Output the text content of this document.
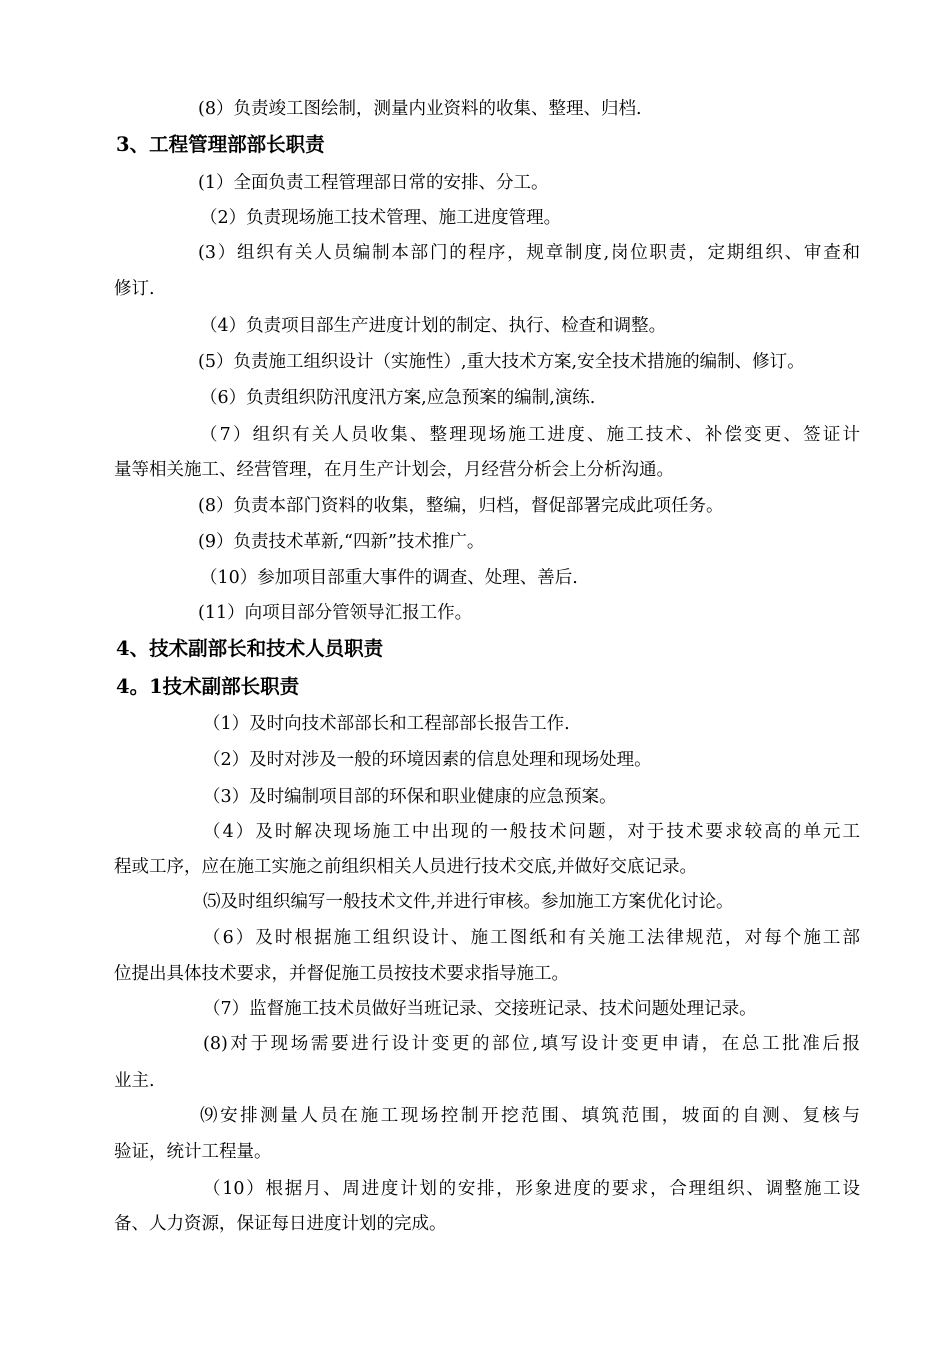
(8）负责竣工图绘制，测量内业资料的收集、整理、归档.
3、工程管理部部长职责
(1）全面负责工程管理部日常的安排、分工。
（2）负责现场施工技术管理、施工进度管理。
(3）组织有关人员编制本部门的程序，规章制度,岗位职责，定期组织、审查和
修订.
（4）负责项目部生产进度计划的制定、执行、检查和调整。
(5）负责施工组织设计（实施性）,重大技术方案,安全技术措施的编制、修订。
（6）负责组织防汛度汛方案,应急预案的编制,演练.
（7）组织有关人员收集、整理现场施工进度、施工技术、补偿变更、签证计
量等相关施工、经营管理，在月生产计划会，月经营分析会上分析沟通。
(8）负责本部门资料的收集，整编，归档，督促部署完成此项任务。
(9）负责技术革新,“四新”技术推广。
（10）参加项目部重大事件的调查、处理、善后.
(11）向项目部分管领导汇报工作。
4、技术副部长和技术人员职责
4。1技术副部长职责
（1）及时向技术部部长和工程部部长报告工作.
（2）及时对涉及一般的环境因素的信息处理和现场处理。
（3）及时编制项目部的环保和职业健康的应急预案。
（4）及时解决现场施工中出现的一般技术问题，对于技术要求较高的单元工
程或工序，应在施工实施之前组织相关人员进行技术交底,并做好交底记录。
⑸及时组织编写一般技术文件,并进行审核。参加施工方案优化讨论。
（6）及时根据施工组织设计、施工图纸和有关施工法律规范，对每个施工部
位提出具体技术要求，并督促施工员按技术要求指导施工。
（7）监督施工技术员做好当班记录、交接班记录、技术问题处理记录。
(8)对于现场需要进行设计变更的部位,填写设计变更申请，在总工批准后报
业主.
⑼安排测量人员在施工现场控制开挖范围、填筑范围，坡面的自测、复核与
验证，统计工程量。
（10）根据月、周进度计划的安排，形象进度的要求，合理组织、调整施工设
备、人力资源，保证每日进度计划的完成。
